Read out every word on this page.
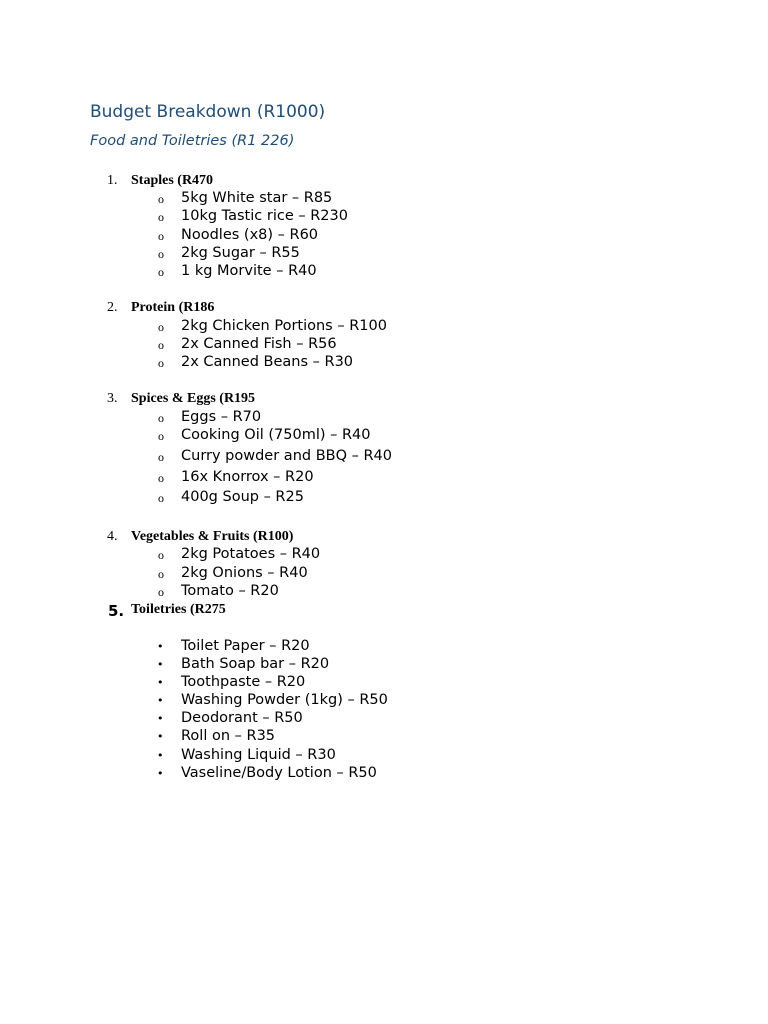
Budget Breakdown (R1000)
Food and Toiletries (R1 226)
1. Staples (R470
o 5kg White star – R85
o 10kg Tastic rice – R230
o Noodles (x8) – R60
o 2kg Sugar – R55
o 1 kg Morvite – R40
2. Protein (R186
o 2kg Chicken Portions – R100
o 2x Canned Fish – R56
o 2x Canned Beans – R30
3. Spices & Eggs (R195
o Eggs – R70
o Cooking Oil (750ml) – R40
o Curry powder and BBQ – R40
o 16x Knorrox – R20
o 400g Soup – R25
4. Vegetables & Fruits (R100)
o 2kg Potatoes – R40
o 2kg Onions – R40
o Tomato – R20
5. Toiletries (R275
• Toilet Paper – R20
• Bath Soap bar – R20
• Toothpaste – R20
• Washing Powder (1kg) – R50
• Deodorant – R50
• Roll on – R35
• Washing Liquid – R30
• Vaseline/Body Lotion – R50
